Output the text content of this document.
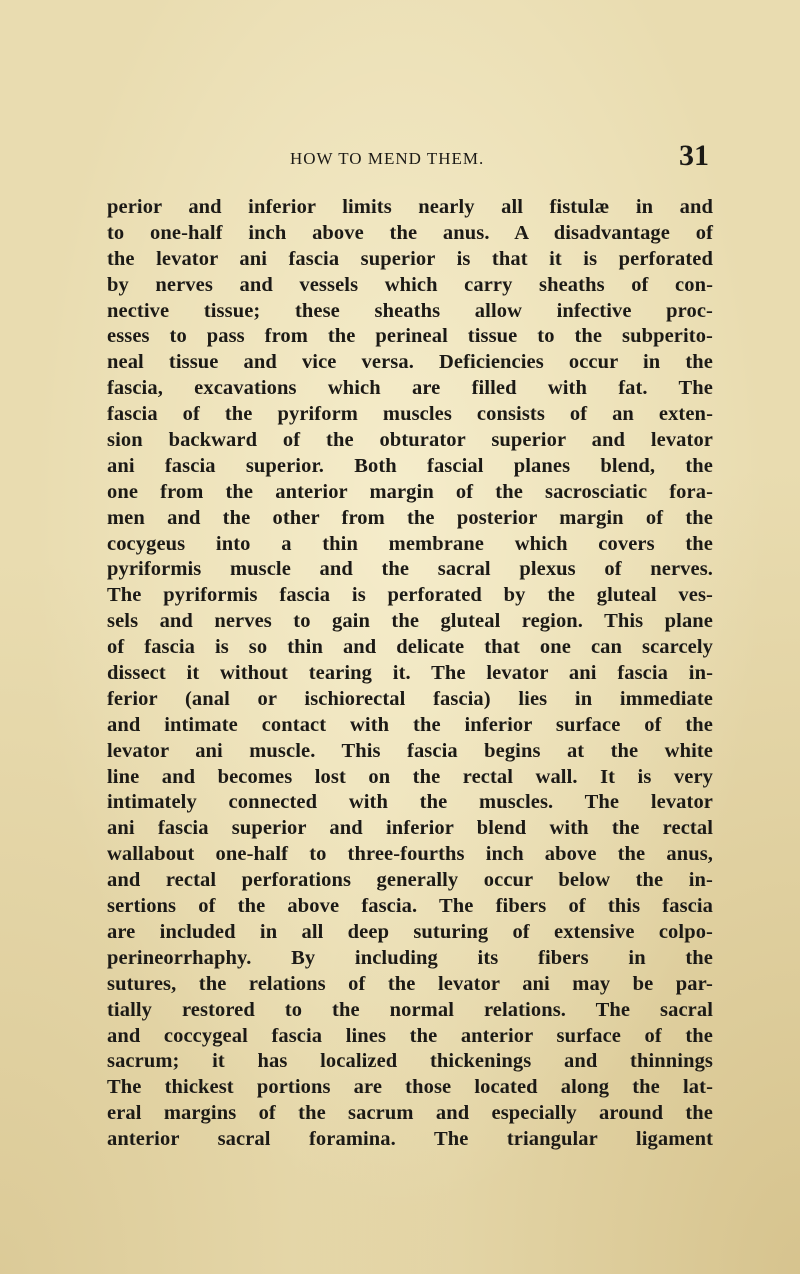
HOW TO MEND THEM.	31
perior and inferior limits nearly all fistulæ in and
to one-half inch above the anus. A disadvantage of
the levator ani fascia superior is that it is perforated
by nerves and vessels which carry sheaths of con-
nective tissue; these sheaths allow infective proc-
esses to pass from the perineal tissue to the subperito-
neal tissue and vice versa. Deficiencies occur in the
fascia, excavations which are filled with fat. The
fascia of the pyriform muscles consists of an exten-
sion backward of the obturator superior and levator
ani fascia superior. Both fascial planes blend, the
one from the anterior margin of the sacrosciatic fora-
men and the other from the posterior margin of the
cocygeus into a thin membrane which covers the
pyriformis muscle and the sacral plexus of nerves.
The pyriformis fascia is perforated by the gluteal ves-
sels and nerves to gain the gluteal region. This plane
of fascia is so thin and delicate that one can scarcely
dissect it without tearing it. The levator ani fascia in-
ferior (anal or ischiorectal fascia) lies in immediate
and intimate contact with the inferior surface of the
levator ani muscle. This fascia begins at the white
line and becomes lost on the rectal wall. It is very
intimately connected with the muscles. The levator
ani fascia superior and inferior blend with the rectal
wallabout one-half to three-fourths inch above the anus,
and rectal perforations generally occur below the in-
sertions of the above fascia. The fibers of this fascia
are included in all deep suturing of extensive colpo-
perineorrhaphy. By including its fibers in the
sutures, the relations of the levator ani may be par-
tially restored to the normal relations. The sacral
and coccygeal fascia lines the anterior surface of the
sacrum; it has localized thickenings and thinnings
The thickest portions are those located along the lat-
eral margins of the sacrum and especially around the
anterior sacral foramina. The triangular ligament
